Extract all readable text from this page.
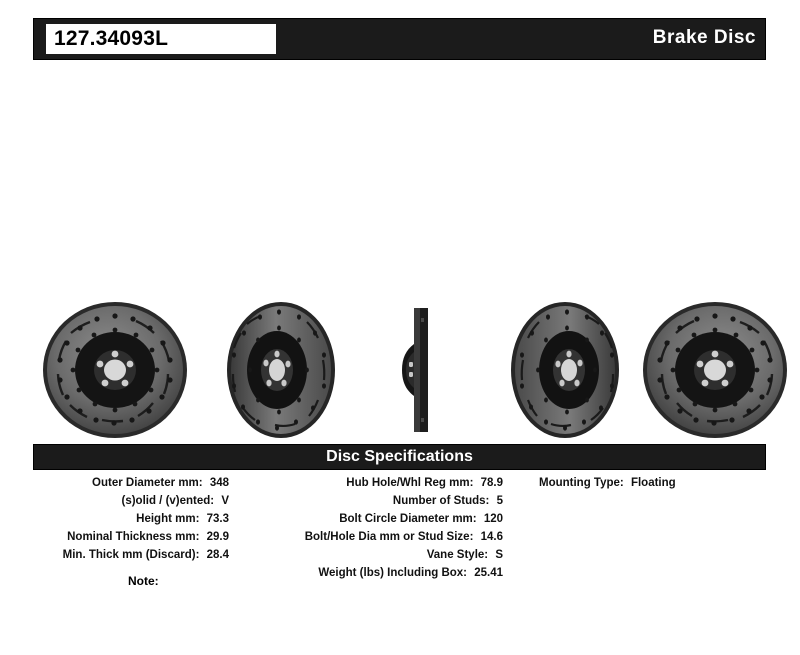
127.34093L	Brake Disc
Disc Specifications
Outer Diameter mm: 348
(s)olid / (v)ented: V
Height mm: 73.3
Nominal Thickness mm: 29.9
Min. Thick mm (Discard): 28.4
Hub Hole/Whl Reg mm: 78.9
Number of Studs: 5
Bolt Circle Diameter mm: 120
Bolt/Hole Dia mm or Stud Size: 14.6
Vane Style: S
Weight (lbs) Including Box: 25.41
Mounting Type: Floating
Note:
